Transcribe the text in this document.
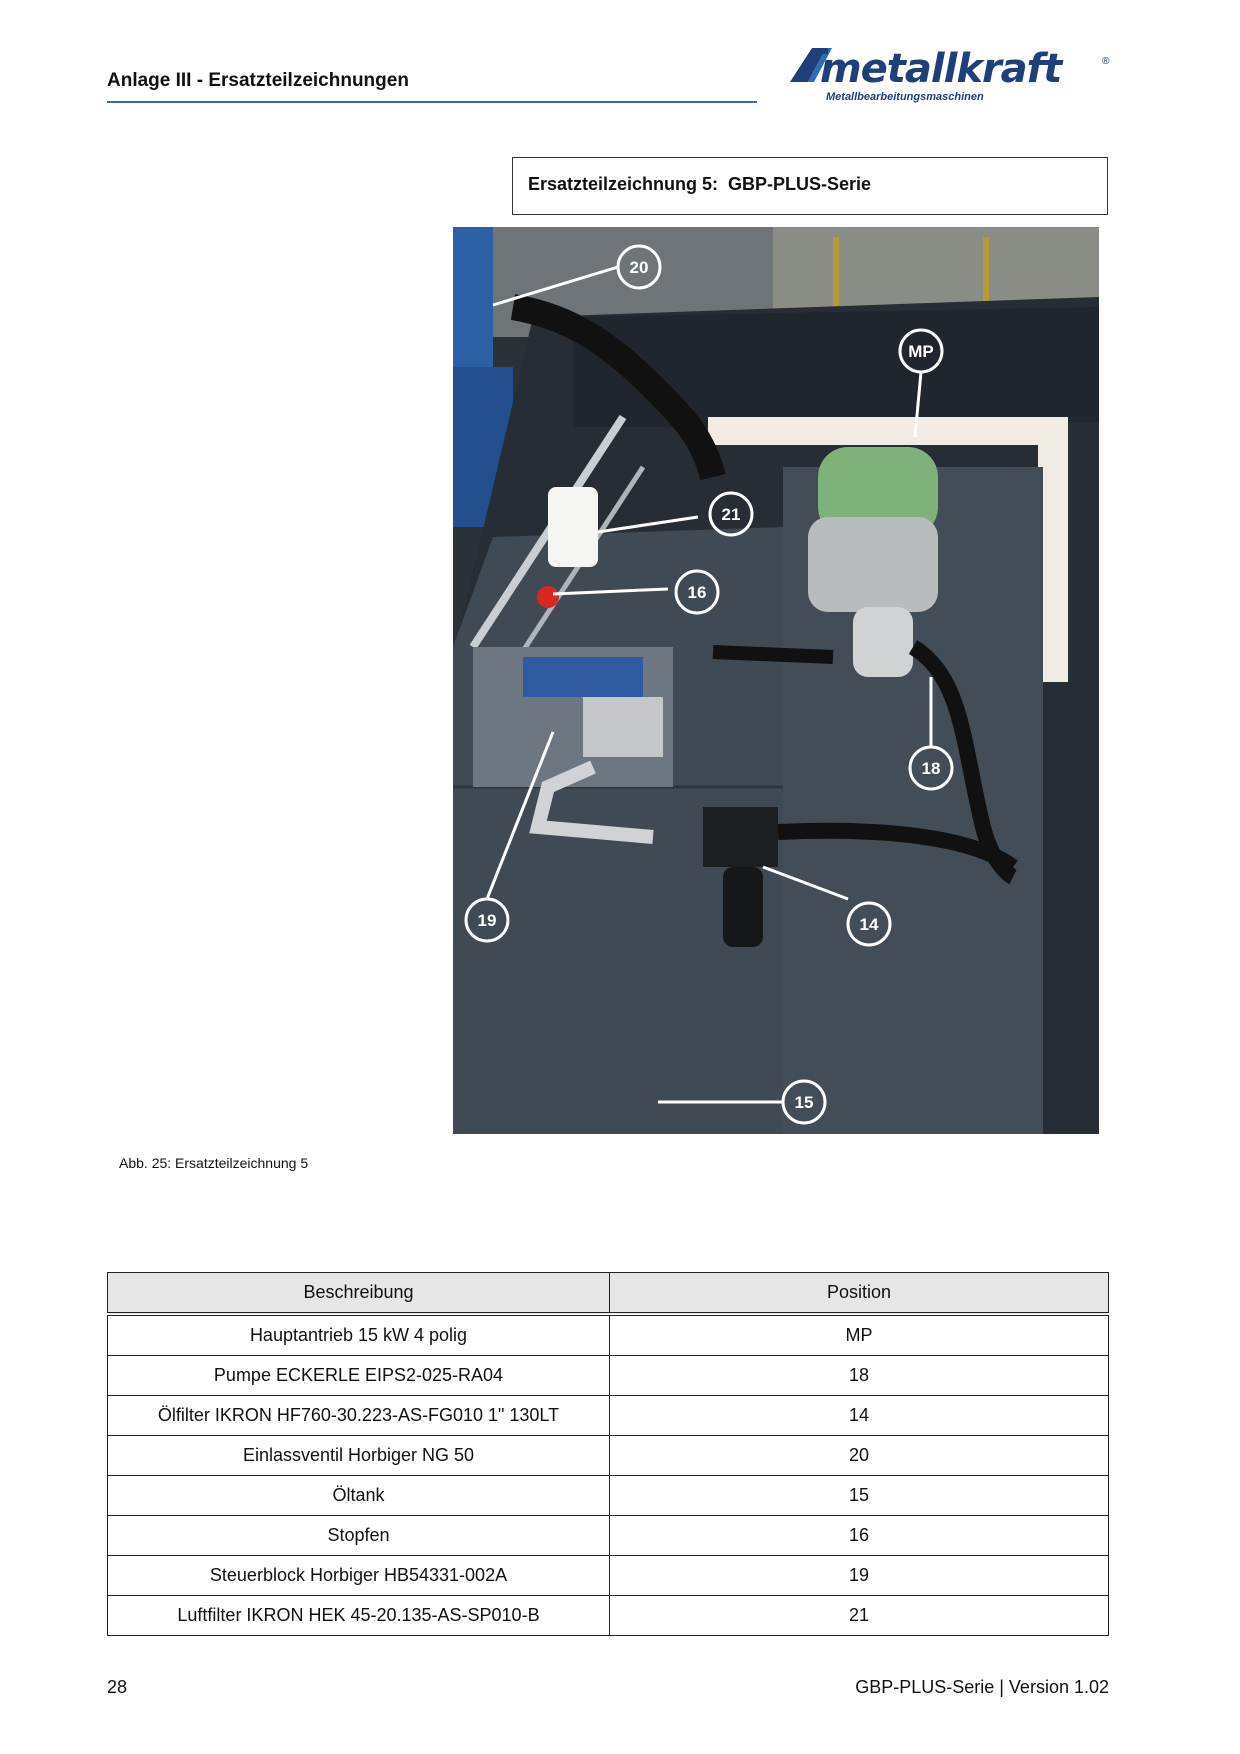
Anlage III - Ersatzteilzeichnungen	metallkraft	®
Metallbearbeitungsmaschinen
Ersatzteilzeichnung 5:  GBP-PLUS-Serie
20
MP
21
16
18
19	14
15
Abb. 25: Ersatzteilzeichnung 5
Beschreibung	Position
Hauptantrieb 15 kW 4 polig	MP
Pumpe ECKERLE EIPS2-025-RA04	18
Ölfilter IKRON HF760-30.223-AS-FG010 1" 130LT	14
Einlassventil Horbiger NG 50	20
Öltank	15
Stopfen	16
Steuerblock Horbiger HB54331-002A	19
Luftfilter IKRON HEK 45-20.135-AS-SP010-B	21
28	GBP-PLUS-Serie | Version 1.02
